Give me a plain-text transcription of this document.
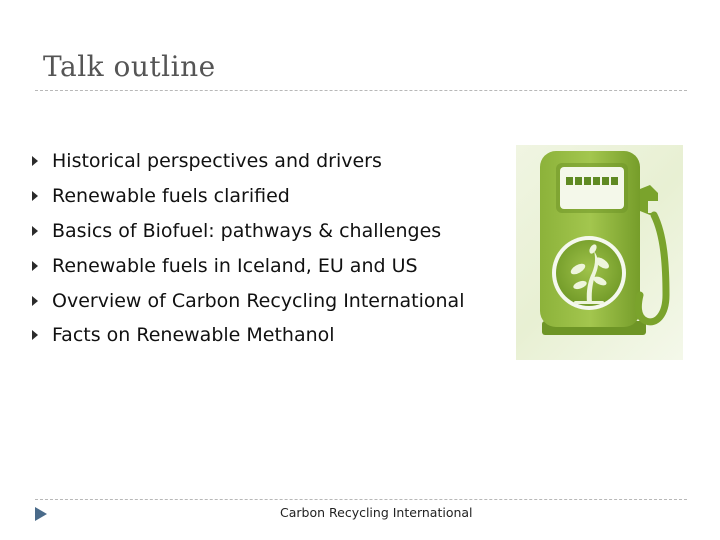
Talk outline
Historical perspectives and drivers
Renewable fuels clarified
Basics of Biofuel: pathways & challenges
Renewable fuels in Iceland, EU and US
Overview of Carbon Recycling International
Facts on Renewable Methanol
Carbon Recycling International
